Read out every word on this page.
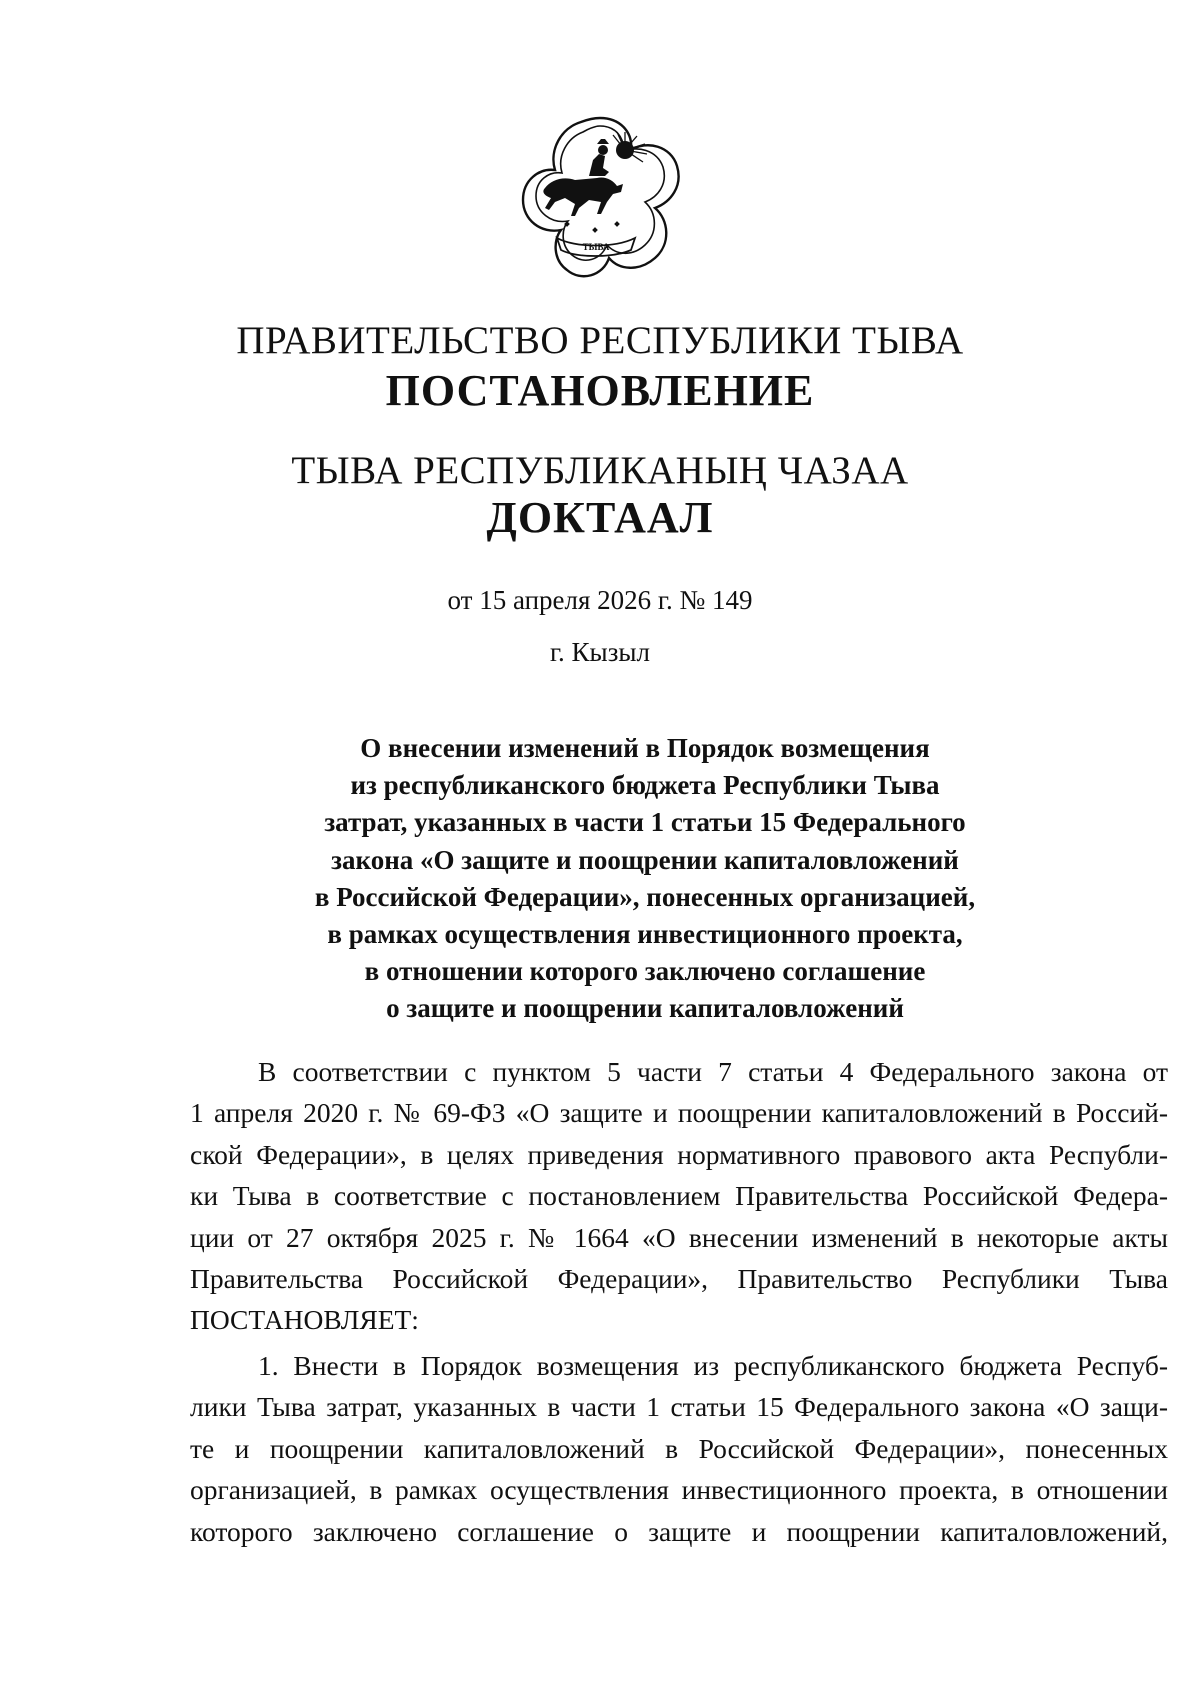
ТЫВА
ПРАВИТЕЛЬСТВО РЕСПУБЛИКИ ТЫВА
ПОСТАНОВЛЕНИЕ
ТЫВА РЕСПУБЛИКАНЫҢ ЧАЗАА
ДОКТААЛ
от 15 апреля 2026 г. № 149
г. Кызыл
О внесении изменений в Порядок возмещения
из республиканского бюджета Республики Тыва
затрат, указанных в части 1 статьи 15 Федерального
закона «О защите и поощрении капиталовложений
в Российской Федерации», понесенных организацией,
в рамках осуществления инвестиционного проекта,
в отношении которого заключено соглашение
о защите и поощрении капиталовложений
В соответствии с пунктом 5 части 7 статьи 4 Федерального закона от
1 апреля 2020 г. № 69-ФЗ «О защите и поощрении капиталовложений в Россий-
ской Федерации», в целях приведения нормативного правового акта Республи-
ки Тыва в соответствие с постановлением Правительства Российской Федера-
ции от 27 октября 2025 г. № 1664 «О внесении изменений в некоторые акты
Правительства Российской Федерации», Правительство Республики Тыва
ПОСТАНОВЛЯЕТ:
1. Внести в Порядок возмещения из республиканского бюджета Респуб-
лики Тыва затрат, указанных в части 1 статьи 15 Федерального закона «О защи-
те и поощрении капиталовложений в Российской Федерации», понесенных
организацией, в рамках осуществления инвестиционного проекта, в отношении
которого заключено соглашение о защите и поощрении капиталовложений,
